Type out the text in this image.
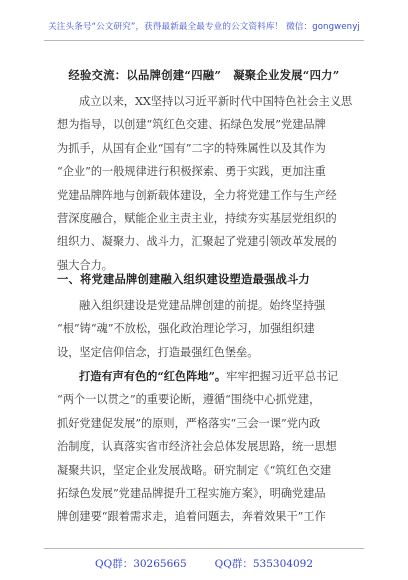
关注头条号“公文研究”，获得最新最全最专业的公文资料库！ 微信：gongwenyj
经验交流：以品牌创建“四融” 凝聚企业发展“四力”
成立以来，XX坚持以习近平新时代中国特色社会主义思
想为指导，以创建“筑红色交建、拓绿色发展”党建品牌
为抓手，从国有企业“国有”二字的特殊属性以及其作为
“企业”的一般规律进行积极探索、勇于实践，更加注重
党建品牌阵地与创新载体建设，全力将党建工作与生产经
营深度融合，赋能企业主责主业，持续夯实基层党组织的
组织力、凝聚力、战斗力，汇聚起了党建引领改革发展的
强大合力。
一、将党建品牌创建融入组织建设塑造最强战斗力
融入组织建设是党建品牌创建的前提。始终坚持强
“根”铸“魂”不放松，强化政治理论学习，加强组织建
设，坚定信仰信念，打造最强红色堡垒。
打造有声有色的“红色阵地”。牢牢把握习近平总书记
“两个一以贯之”的重要论断，遵循“围绕中心抓党建，
抓好党建促发展”的原则，严格落实“三会一课”党内政
治制度，认真落实省市经济社会总体发展思路，统一思想
凝聚共识，坚定企业发展战略。研究制定《“筑红色交建
拓绿色发展”党建品牌提升工程实施方案》，明确党建品
牌创建要“跟着需求走，追着问题去，奔着效果干”工作
QQ群：30265665	QQ群：535304092
